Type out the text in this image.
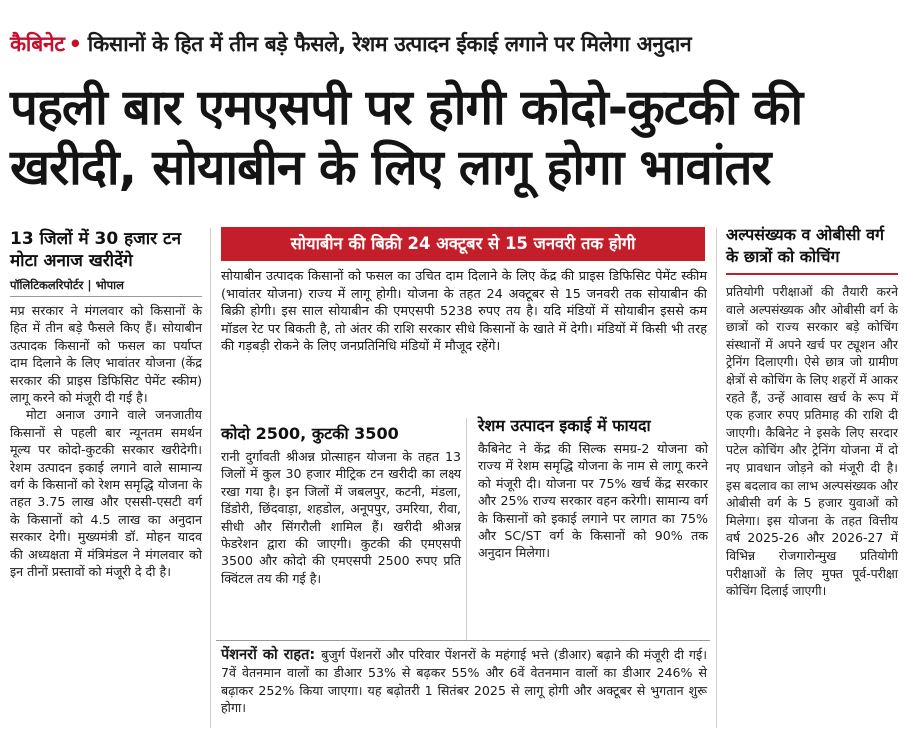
कैबिनेट • किसानों के हित में तीन बड़े फैसले, रेशम उत्पादन ईकाई लगाने पर मिलेगा अनुदान
पहली बार एमएसपी पर होगी कोदो-कुटकी की
खरीदी, सोयाबीन के लिए लागू होगा भावांतर
13 जिलों में 30 हजार टन मोटा अनाज खरीदेंगे
पॉलिटिकलरिपोर्टर | भोपाल
मप्र सरकार ने मंगलवार को किसानों के हित में तीन बड़े फैसले किए हैं। सोयाबीन उत्पादक किसानों को फसल का पर्याप्त दाम दिलाने के लिए भावांतर योजना (केंद्र सरकार की प्राइस डिफिसिट पेमेंट स्कीम) लागू करने को मंजूरी दी गई है।
मोटा अनाज उगाने वाले जनजातीय किसानों से पहली बार न्यूनतम समर्थन मूल्य पर कोदो-कुटकी सरकार खरीदेगी। रेशम उत्पादन इकाई लगाने वाले सामान्य वर्ग के किसानों को रेशम समृद्धि योजना के तहत 3.75 लाख और एससी-एसटी वर्ग के किसानों को 4.5 लाख का अनुदान सरकार देगी। मुख्यमंत्री डॉ. मोहन यादव की अध्यक्षता में मंत्रिमंडल ने मंगलवार को इन तीनों प्रस्तावों को मंजूरी दे दी है।
सोयाबीन की बिक्री 24 अक्टूबर से 15 जनवरी तक होगी
सोयाबीन उत्पादक किसानों को फसल का उचित दाम दिलाने के लिए केंद्र की प्राइस डिफिसिट पेमेंट स्कीम (भावांतर योजना) राज्य में लागू होगी। योजना के तहत 24 अक्टूबर से 15 जनवरी तक सोयाबीन की बिक्री होगी। इस साल सोयाबीन की एमएसपी 5238 रुपए तय है। यदि मंडियों में सोयाबीन इससे कम मॉडल रेट पर बिकती है, तो अंतर की राशि सरकार सीधे किसानों के खाते में देगी। मंडियों में किसी भी तरह की गड़बड़ी रोकने के लिए जनप्रतिनिधि मंडियों में मौजूद रहेंगे।
कोदो 2500, कुटकी 3500
रानी दुर्गावती श्रीअन्न प्रोत्साहन योजना के तहत 13 जिलों में कुल 30 हजार मीट्रिक टन खरीदी का लक्ष्य रखा गया है। इन जिलों में जबलपुर, कटनी, मंडला, डिंडोरी, छिंदवाड़ा, शहडोल, अनूपपुर, उमरिया, रीवा, सीधी और सिंगरौली शामिल हैं। खरीदी श्रीअन्न फेडरेशन द्वारा की जाएगी। कुटकी की एमएसपी 3500 और कोदो की एमएसपी 2500 रुपए प्रति क्विंटल तय की गई है।
रेशम उत्पादन इकाई में फायदा
कैबिनेट ने केंद्र की सिल्क समग्र-2 योजना को राज्य में रेशम समृद्धि योजना के नाम से लागू करने को मंजूरी दी। योजना पर 75% खर्च केंद्र सरकार और 25% राज्य सरकार वहन करेगी। सामान्य वर्ग के किसानों को इकाई लगाने पर लागत का 75% और SC/ST वर्ग के किसानों को 90% तक अनुदान मिलेगा।
पेंशनरों को राहत: बुजुर्ग पेंशनरों और परिवार पेंशनरों के महंगाई भत्ते (डीआर) बढ़ाने की मंजूरी दी गई। 7वें वेतनमान वालों का डीआर 53% से बढ़कर 55% और 6वें वेतनमान वालों का डीआर 246% से बढ़ाकर 252% किया जाएगा। यह बढ़ोतरी 1 सितंबर 2025 से लागू होगी और अक्टूबर से भुगतान शुरू होगा।
अल्पसंख्यक व ओबीसी वर्ग के छात्रों को कोचिंग
प्रतियोगी परीक्षाओं की तैयारी करने वाले अल्पसंख्यक और ओबीसी वर्ग के छात्रों को राज्य सरकार बड़े कोचिंग संस्थानों में अपने खर्च पर ट्यूशन और ट्रेनिंग दिलाएगी। ऐसे छात्र जो ग्रामीण क्षेत्रों से कोचिंग के लिए शहरों में आकर रहते हैं, उन्हें आवास खर्च के रूप में एक हजार रुपए प्रतिमाह की राशि दी जाएगी। कैबिनेट ने इसके लिए सरदार पटेल कोचिंग और ट्रेनिंग योजना में दो नए प्रावधान जोड़ने को मंजूरी दी है। इस बदलाव का लाभ अल्पसंख्यक और ओबीसी वर्ग के 5 हजार युवाओं को मिलेगा। इस योजना के तहत वित्तीय वर्ष 2025-26 और 2026-27 में विभिन्न रोजगारोन्मुख प्रतियोगी परीक्षाओं के लिए मुफ्त पूर्व-परीक्षा कोचिंग दिलाई जाएगी।
